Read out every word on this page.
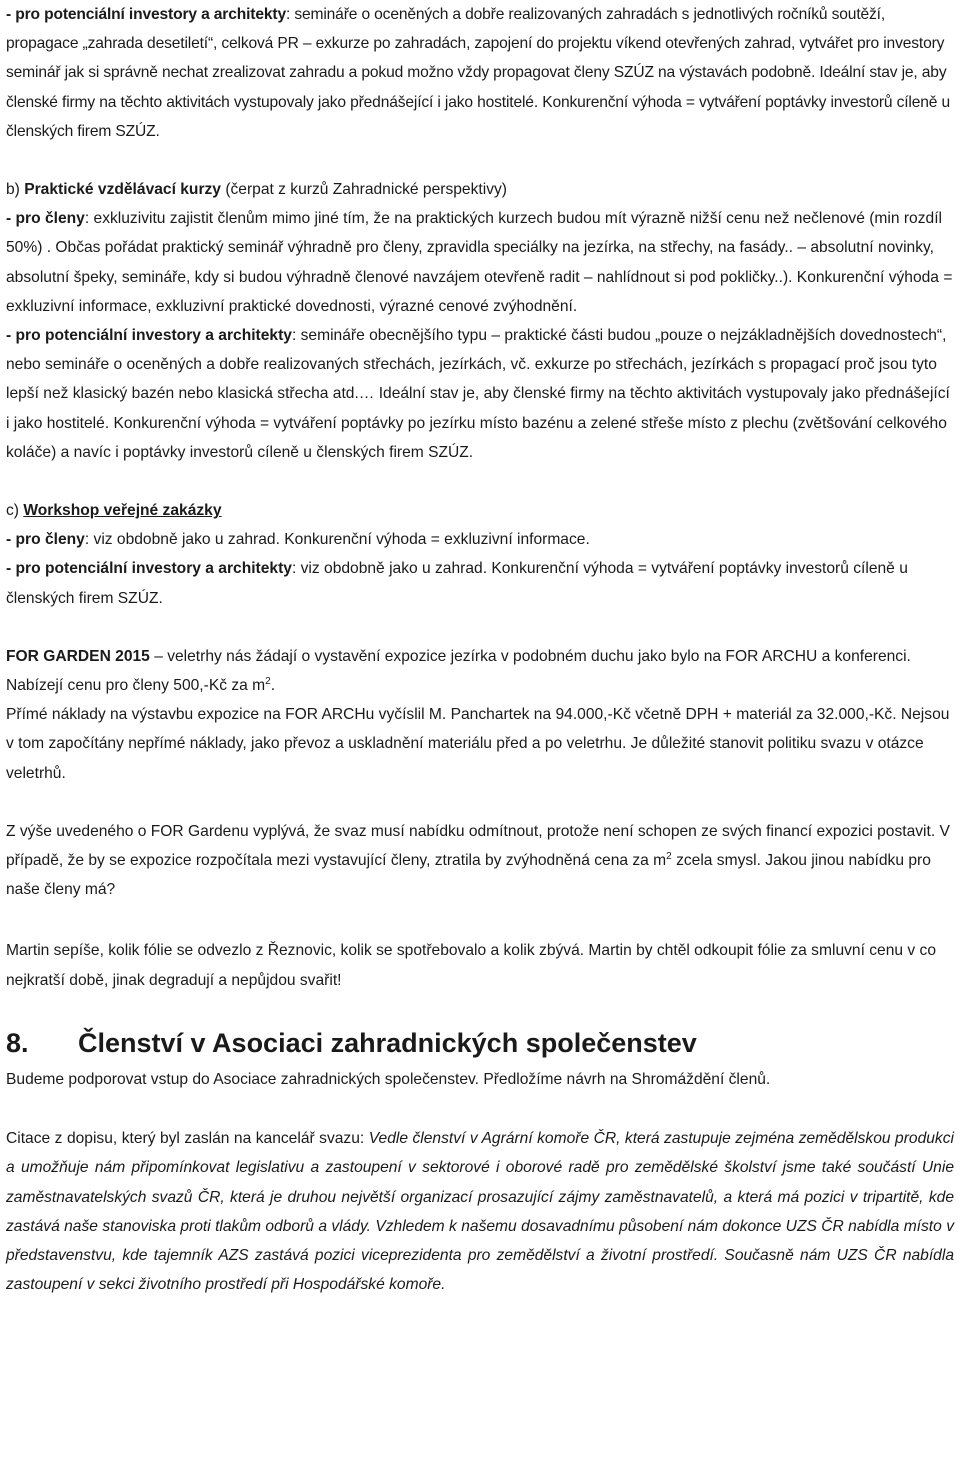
- pro potenciální investory a architekty: semináře o oceněných a dobře realizovaných zahradách s jednotlivých ročníků soutěží, propagace „zahrada desetiletí“, celková PR – exkurze po zahradách, zapojení do projektu víkend otevřených zahrad, vytvářet pro investory seminář jak si správně nechat zrealizovat zahradu a pokud možno vždy propagovat členy SZÚZ na výstavách podobně. Ideální stav je, aby členské firmy na těchto aktivitách vystupovaly jako přednášející i jako hostitelé. Konkurenční výhoda = vytváření poptávky investorů cíleně u členských firem SZÚZ.

b) Praktické vzdělávací kurzy (čerpat z kurzů Zahradnické perspektivy)

- pro členy: exkluzivitu zajistit členům mimo jiné tím, že na praktických kurzech budou mít výrazně nižší cenu než nečlenové (min rozdíl 50%) . Občas pořádat praktický seminář výhradně pro členy, zpravidla speciálky na jezírka, na střechy, na fasády.. – absolutní novinky, absolutní špeky, semináře, kdy si budou výhradně členové navzájem otevřeně radit – nahlídnout si pod pokličky..). Konkurenční výhoda = exkluzivní informace, exkluzivní praktické dovednosti, výrazné cenové zvýhodnění.

- pro potenciální investory a architekty: semináře obecnějšího typu – praktické části budou „pouze o nejzákladnějších dovednostech“, nebo semináře o oceněných a dobře realizovaných střechách, jezírkách, vč. exkurze po střechách, jezírkách s propagací proč jsou tyto lepší než klasický bazén nebo klasická střecha atd.… Ideální stav je, aby členské firmy na těchto aktivitách vystupovaly jako přednášející i jako hostitelé. Konkurenční výhoda = vytváření poptávky po jezírku místo bazénu a zelené střeše místo z plechu (zvětšování celkového koláče) a navíc i poptávky investorů cíleně u členských firem SZÚZ.

c) Workshop veřejné zakázky

- pro členy: viz obdobně jako u zahrad. Konkurenční výhoda = exkluzivní informace.

- pro potenciální investory a architekty: viz obdobně jako u zahrad. Konkurenční výhoda = vytváření poptávky investorů cíleně u členských firem SZÚZ.

FOR GARDEN 2015 – veletrhy nás žádají o vystavění expozice jezírka v podobném duchu jako bylo na FOR ARCHU a konferenci. Nabízejí cenu pro členy 500,-Kč za $m^2$.

Přímé náklady na výstavbu expozice na FOR ARCHu vyčíslil M. Panchartek na 94.000,-Kč včetně DPH + materiál za 32.000,-Kč. Nejsou v tom započítány nepřímé náklady, jako převoz a uskladnění materiálu před a po veletrhu. Je důležité stanovit politiku svazu v otázce veletrhů.

Z výše uvedeného o FOR Gardenu vyplývá, že svaz musí nabídku odmítnout, protože není schopen ze svých financí expozici postavit. V případě, že by se expozice rozpočítala mezi vystavující členy, ztratila by zvýhodněná cena za $m^2$ zcela smysl. Jakou jinou nabídku pro naše členy má?

Martin sepíše, kolik fólie se odvezlo z Řeznovic, kolik se spotřebovalo a kolik zbývá. Martin by chtěl odkoupit fólie za smluvní cenu v co nejkratší době, jinak degradují a nepůjdou svařit!

8.	Členství v Asociaci zahradnických společenstev

Budeme podporovat vstup do Asociace zahradnických společenstev. Předložíme návrh na Shromáždění členů.

Citace z dopisu, který byl zaslán na kancelář svazu: Vedle členství v Agrární komoře ČR, která zastupuje zejména zemědělskou produkci a umožňuje nám připomínkovat legislativu a zastoupení v sektorové i oborové radě pro zemědělské školství jsme také součástí Unie zaměstnavatelských svazů ČR, která je druhou největší organizací prosazující zájmy zaměstnavatelů, a která má pozici v tripartitě, kde zastává naše stanoviska proti tlakům odborů a vlády. Vzhledem k našemu dosavadnímu působení nám dokonce UZS ČR nabídla místo v představenstvu, kde tajemník AZS zastává pozici viceprezidenta pro zemědělství a životní prostředí. Současně nám UZS ČR nabídla zastoupení v sekci životního prostředí při Hospodářské komoře.
